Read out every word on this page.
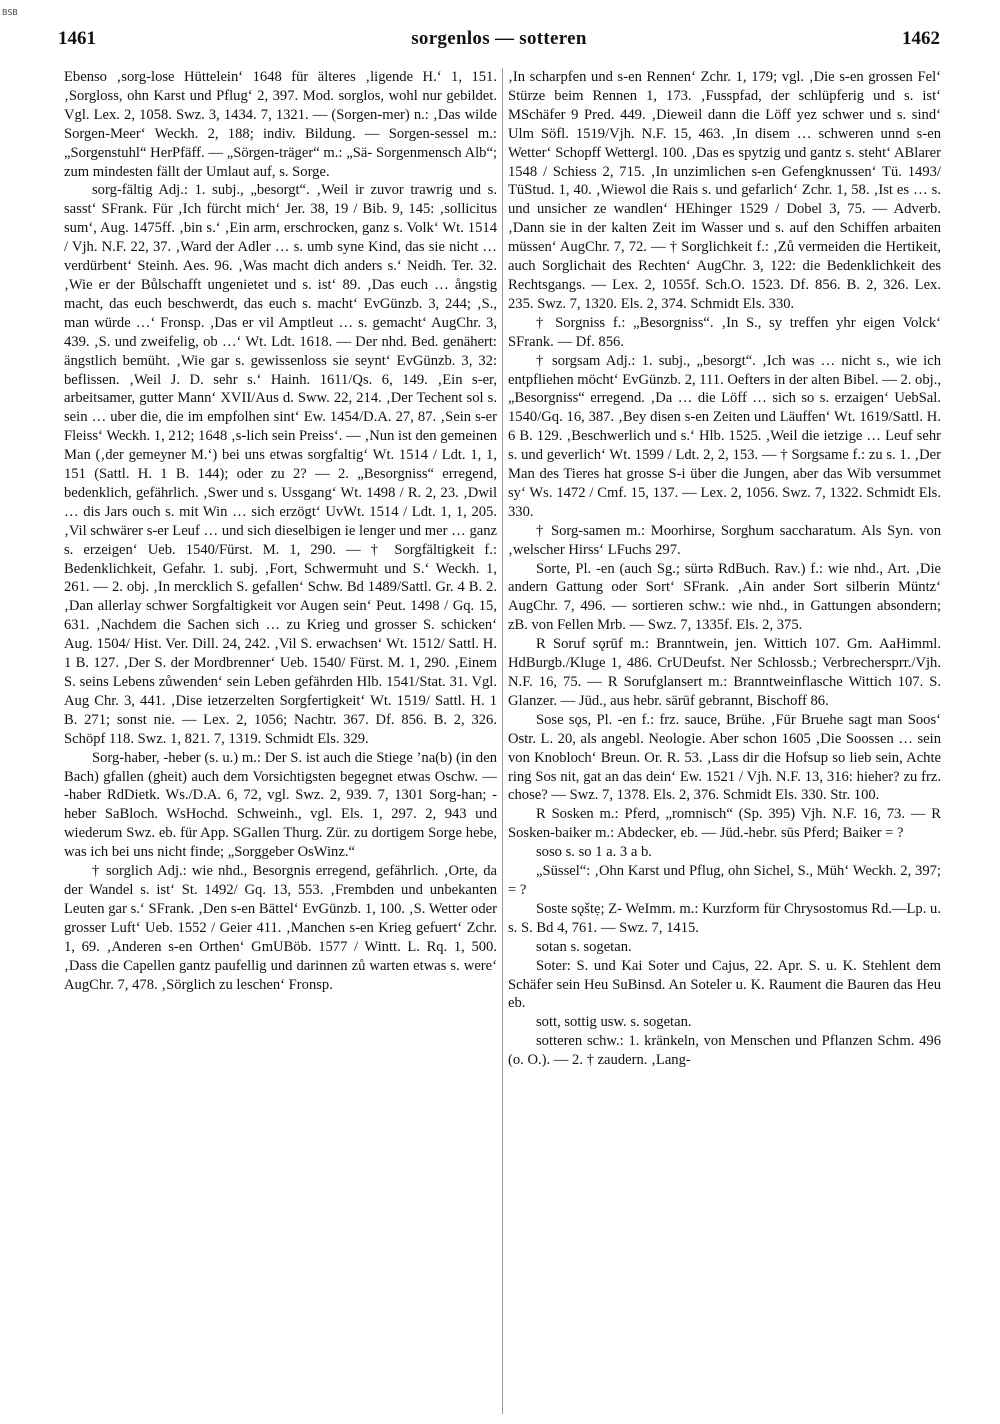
BSB
1461	sorgenlos — sotteren	1462

Ebenso ‚sorg-lose Hüttelein‘ 1648 für älteres ‚ligende H.‘ 1, 151. ‚Sorgloss, ohn Karst und Pflug‘ 2, 397. Mod. sorglos, wohl nur gebildet. Vgl. Lex. 2, 1058. Swz. 3, 1434. 7, 1321. — (Sorgen-mer) n.: ‚Das wilde Sorgen-Meer‘ Weckh. 2, 188; indiv. Bildung. — Sorgen-sessel m.: „Sorgenstuhl“ HerPfäff. — „Sörgen-träger“ m.: „Sä- Sorgenmensch Alb“; zum mindesten fällt der Umlaut auf, s. Sorge.

sorg-fältig Adj.: 1. subj., „besorgt“. ‚Weil ir zuvor trawrig und s. sasst‘ SFrank. Für ‚Ich fürcht mich‘ Jer. 38, 19 / Bib. 9, 145: ‚sollicitus sum‘, Aug. 1475ff. ‚bin s.‘ ‚Ein arm, erschrocken, ganz s. Volk‘ Wt. 1514 / Vjh. N.F. 22, 37. ‚Ward der Adler … s. umb syne Kind, das sie nicht … verdürbent‘ Steinh. Aes. 96. ‚Was macht dich anders s.‘ Neidh. Ter. 32. ‚Wie er der Bůlschafft ungenietet und s. ist‘ 89. ‚Das euch … ångstig macht, das euch beschwerdt, das euch s. macht‘ EvGünzb. 3, 244; ‚S., man würde …‘ Fronsp. ‚Das er vil Amptleut … s. gemacht‘ AugChr. 3, 439. ‚S. und zweifelig, ob …‘ Wt. Ldt. 1618. — Der nhd. Bed. genähert: ängstlich bemüht. ‚Wie gar s. gewissenloss sie seynt‘ EvGünzb. 3, 32: beflissen. ‚Weil J. D. sehr s.‘ Hainh. 1611/Qs. 6, 149. ‚Ein s-er, arbeitsamer, gutter Mann‘ XVII/Aus d. Sww. 22, 214. ‚Der Techent sol s. sein … uber die, die im empfolhen sint‘ Ew. 1454/D.A. 27, 87. ‚Sein s-er Fleiss‘ Weckh. 1, 212; 1648 ‚s-lich sein Preiss‘. — ‚Nun ist den gemeinen Man (‚der gemeyner M.‘) bei uns etwas sorgfaltig‘ Wt. 1514 / Ldt. 1, 1, 151 (Sattl. H. 1 B. 144); oder zu 2? — 2. „Besorgniss“ erregend, bedenklich, gefährlich. ‚Swer und s. Ussgang‘ Wt. 1498 / R. 2, 23. ‚Dwil … dis Jars ouch s. mit Win … sich erzögt‘ UvWt. 1514 / Ldt. 1, 1, 205. ‚Vil schwärer s-er Leuf … und sich dieselbigen ie lenger und mer … ganz s. erzeigen‘ Ueb. 1540/Fürst. M. 1, 290. — † Sorgfältigkeit f.: Bedenklichkeit, Gefahr. 1. subj. ‚Fort, Schwermuht und S.‘ Weckh. 1, 261. — 2. obj. ‚In mercklich S. gefallen‘ Schw. Bd 1489/Sattl. Gr. 4 B. 2. ‚Dan allerlay schwer Sorgfaltigkeit vor Augen sein‘ Peut. 1498 / Gq. 15, 631. ‚Nachdem die Sachen sich … zu Krieg und grosser S. schicken‘ Aug. 1504/ Hist. Ver. Dill. 24, 242. ‚Vil S. erwachsen‘ Wt. 1512/ Sattl. H. 1 B. 127. ‚Der S. der Mordbrenner‘ Ueb. 1540/ Fürst. M. 1, 290. ‚Einem S. seins Lebens zůwenden‘ sein Leben gefährden Hlb. 1541/Stat. 31. Vgl. Aug Chr. 3, 441. ‚Dise ietzerzelten Sorgfertigkeit‘ Wt. 1519/ Sattl. H. 1 B. 271; sonst nie. — Lex. 2, 1056; Nachtr. 367. Df. 856. B. 2, 326. Schöpf 118. Swz. 1, 821. 7, 1319. Schmidt Els. 329.

Sorg-haber, -heber (s. u.) m.: Der S. ist auch die Stiege ’na(b) (in den Bach) gfallen (gheit) auch dem Vorsichtigsten begegnet etwas Oschw. — -haber RdDietk. Ws./D.A. 6, 72, vgl. Swz. 2, 939. 7, 1301 Sorg-han; -heber SaBloch. WsHochd. Schweinh., vgl. Els. 1, 297. 2, 943 und wiederum Swz. eb. für App. SGallen Thurg. Zür. zu dortigem Sorge hebe, was ich bei uns nicht finde; „Sorggeber OsWinz.“

† sorglich Adj.: wie nhd., Besorgnis erregend, gefährlich. ‚Orte, da der Wandel s. ist‘ St. 1492/ Gq. 13, 553. ‚Frembden und unbekanten Leuten gar s.‘ SFrank. ‚Den s-en Bättel‘ EvGünzb. 1, 100. ‚S. Wetter oder grosser Luft‘ Ueb. 1552 / Geier 411. ‚Manchen s-en Krieg gefuert‘ Zchr. 1, 69. ‚Anderen s-en Orthen‘ GmUBöb. 1577 / Wintt. L. Rq. 1, 500. ‚Dass die Capellen gantz paufellig und darinnen zů warten etwas s. were‘ AugChr. 7, 478. ‚Sörglich zu leschen‘ Fronsp.

‚In scharpfen und s-en Rennen‘ Zchr. 1, 179; vgl. ‚Die s-en grossen Fel‘ Stürze beim Rennen 1, 173. ‚Fusspfad, der schlüpferig und s. ist‘ MSchäfer 9 Pred. 449. ‚Dieweil dann die Löff yez schwer und s. sind‘ Ulm Söfl. 1519/Vjh. N.F. 15, 463. ‚In disem … schweren unnd s-en Wetter‘ Schopff Wettergl. 100. ‚Das es spytzig und gantz s. steht‘ ABlarer 1548 / Schiess 2, 715. ‚In unzimlichen s-en Gefengknussen‘ Tü. 1493/ TüStud. 1, 40. ‚Wiewol die Rais s. und gefarlich‘ Zchr. 1, 58. ‚Ist es … s. und unsicher ze wandlen‘ HEhinger 1529 / Dobel 3, 75. — Adverb. ‚Dann sie in der kalten Zeit im Wasser und s. auf den Schiffen arbaiten müssen‘ AugChr. 7, 72. — † Sorglichkeit f.: ‚Zů vermeiden die Hertikeit, auch Sorglichait des Rechten‘ AugChr. 3, 122: die Bedenklichkeit des Rechtsgangs. — Lex. 2, 1055f. Sch.O. 1523. Df. 856. B. 2, 326. Lex. 235. Swz. 7, 1320. Els. 2, 374. Schmidt Els. 330.

† Sorgniss f.: „Besorgniss“. ‚In S., sy treffen yhr eigen Volck‘ SFrank. — Df. 856.

† sorgsam Adj.: 1. subj., „besorgt“. ‚Ich was … nicht s., wie ich entpfliehen möcht‘ EvGünzb. 2, 111. Oefters in der alten Bibel. — 2. obj., „Besorgniss“ erregend. ‚Da … die Löff … sich so s. erzaigen‘ UebSal. 1540/Gq. 16, 387. ‚Bey disen s-en Zeiten und Läuffen‘ Wt. 1619/Sattl. H. 6 B. 129. ‚Beschwerlich und s.‘ Hlb. 1525. ‚Weil die ietzige … Leuf sehr s. und geverlich‘ Wt. 1599 / Ldt. 2, 2, 153. — † Sorgsame f.: zu s. 1. ‚Der Man des Tieres hat grosse S-i über die Jungen, aber das Wib versummet sy‘ Ws. 1472 / Cmf. 15, 137. — Lex. 2, 1056. Swz. 7, 1322. Schmidt Els. 330.

† Sorg-samen m.: Moorhirse, Sorghum saccharatum. Als Syn. von ‚welscher Hirss‘ LFuchs 297.

Sorte, Pl. -en (auch Sg.; sürtə RdBuch. Rav.) f.: wie nhd., Art. ‚Die andern Gattung oder Sort‘ SFrank. ‚Ain ander Sort silberin Müntz‘ AugChr. 7, 496. — sortieren schw.: wie nhd., in Gattungen absondern; zB. von Fellen Mrb. — Swz. 7, 1335f. Els. 2, 375.

R Soruf sǫrūf m.: Branntwein, jen. Wittich 107. Gm. AaHimml. HdBurgb./Kluge 1, 486. CrUDeufst. Ner Schlossb.; Verbrechersprr./Vjh. N.F. 16, 75. — R Sorufglansert m.: Branntweinflasche Wittich 107. S. Glanzer. — Jüd., aus hebr. särūf gebrannt, Bischoff 86.

Sose sǫs, Pl. -en f.: frz. sauce, Brühe. ‚Für Bruehe sagt man Soos‘ Ostr. L. 20, als angebl. Neologie. Aber schon 1605 ‚Die Soossen … sein von Knobloch‘ Breun. Or. R. 53. ‚Lass dir die Hofsup so lieb sein, Achte ring Sos nit, gat an das dein‘ Ew. 1521 / Vjh. N.F. 13, 316: hieher? zu frz. chose? — Swz. 7, 1378. Els. 2, 376. Schmidt Els. 330. Str. 100.

R Sosken m.: Pferd, „romnisch“ (Sp. 395) Vjh. N.F. 16, 73. — R Sosken-baiker m.: Abdecker, eb. — Jüd.-hebr. sūs Pferd; Baiker = ?

soso s. so 1 a. 3 a b.

„Süssel“: ‚Ohn Karst und Pflug, ohn Sichel, S., Müh‘ Weckh. 2, 397; = ?

Soste sǫštẹ; Z- WeImm. m.: Kurzform für Chrysostomus Rd.—Lp. u. s. S. Bd 4, 761. — Swz. 7, 1415.

sotan s. sogetan.

Soter: S. und Kai Soter und Cajus, 22. Apr. S. u. K. Stehlent dem Schäfer sein Heu SuBinsd. An Soteler u. K. Raument die Bauren das Heu eb.

sott, sottig usw. s. sogetan.

sotteren schw.: 1. kränkeln, von Menschen und Pflanzen Schm. 496 (o. O.). — 2. † zaudern. ‚Lang-
